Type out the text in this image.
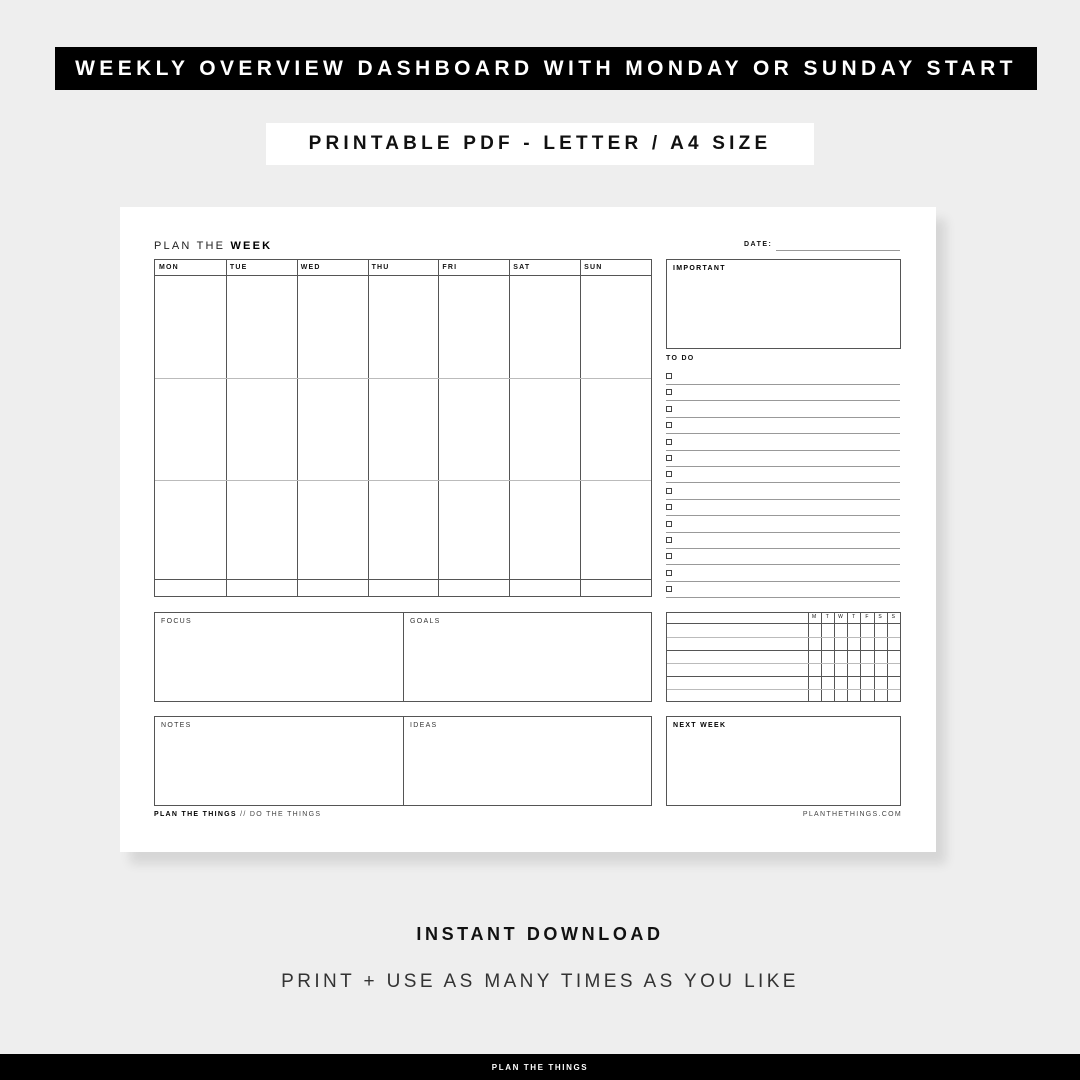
WEEKLY OVERVIEW DASHBOARD WITH MONDAY OR SUNDAY START
PRINTABLE PDF - LETTER / A4 SIZE
PLAN THE WEEK	DATE:
MON	TUE	WED	THU	FRI	SAT	SUN	IMPORTANT
TO DO
FOCUS	GOALS
M	T	W	T	F	S	S
NOTES	IDEAS	NEXT WEEK
PLAN THE THINGS // DO THE THINGS	PLANTHETHINGS.COM
INSTANT DOWNLOAD
PRINT + USE AS MANY TIMES AS YOU LIKE
PLAN THE THINGS
